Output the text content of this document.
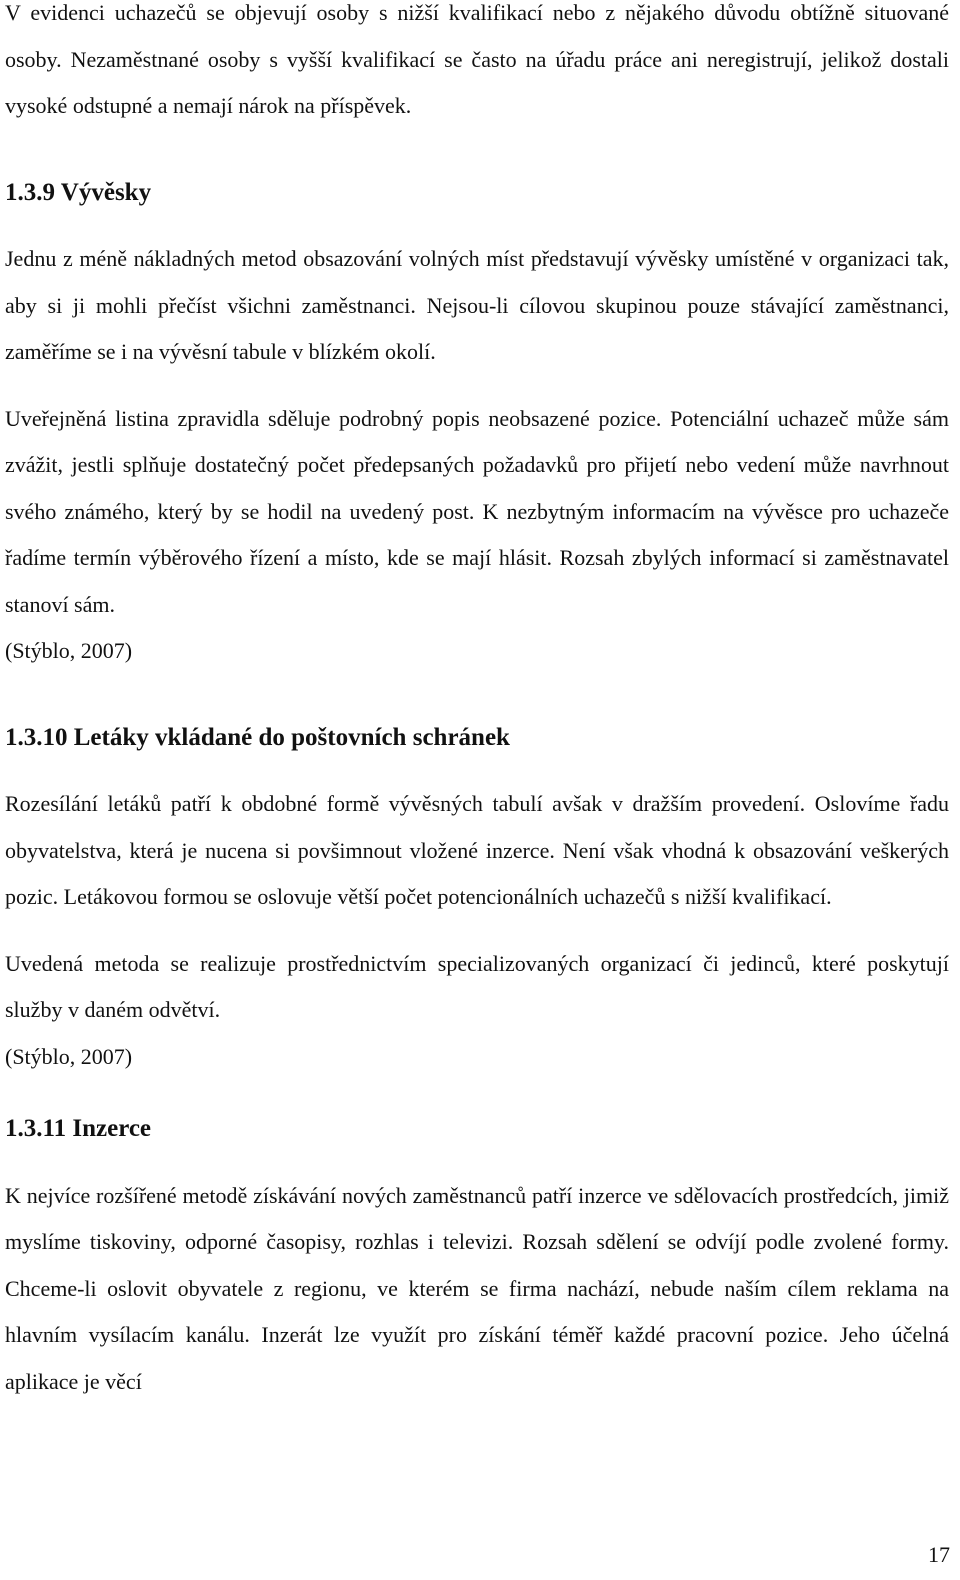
V evidenci uchazečů se objevují osoby s nižší kvalifikací nebo z nějakého důvodu obtížně situované osoby. Nezaměstnané osoby s vyšší kvalifikací se často na úřadu práce ani neregistrují, jelikož dostali vysoké odstupné a nemají nárok na příspěvek.

1.3.9 Vývěsky

Jednu z méně nákladných metod obsazování volných míst představují vývěsky umístěné v organizaci tak, aby si ji mohli přečíst všichni zaměstnanci. Nejsou-li cílovou skupinou pouze stávající zaměstnanci, zaměříme se i na vývěsní tabule v blízkém okolí.

Uveřejněná listina zpravidla sděluje podrobný popis neobsazené pozice. Potenciální uchazeč může sám zvážit, jestli splňuje dostatečný počet předepsaných požadavků pro přijetí nebo vedení může navrhnout svého známého, který by se hodil na uvedený post. K nezbytným informacím na vývěsce pro uchazeče řadíme termín výběrového řízení a místo, kde se mají hlásit. Rozsah zbylých informací si zaměstnavatel stanoví sám.

(Stýblo, 2007)

1.3.10 Letáky vkládané do poštovních schránek

Rozesílání letáků patří k obdobné formě vývěsných tabulí avšak v dražším provedení. Oslovíme řadu obyvatelstva, která je nucena si povšimnout vložené inzerce. Není však vhodná k obsazování veškerých pozic. Letákovou formou se oslovuje větší počet potencionálních uchazečů s nižší kvalifikací.

Uvedená metoda se realizuje prostřednictvím specializovaných organizací či jedinců, které poskytují služby v daném odvětví.

(Stýblo, 2007)

1.3.11 Inzerce

K nejvíce rozšířené metodě získávání nových zaměstnanců patří inzerce ve sdělovacích prostředcích, jimiž myslíme tiskoviny, odporné časopisy, rozhlas i televizi. Rozsah sdělení se odvíjí podle zvolené formy. Chceme-li oslovit obyvatele z regionu, ve kterém se firma nachází, nebude naším cílem reklama na hlavním vysílacím kanálu. Inzerát lze využít pro získání téměř každé pracovní pozice. Jeho účelná aplikace je věcí

17
